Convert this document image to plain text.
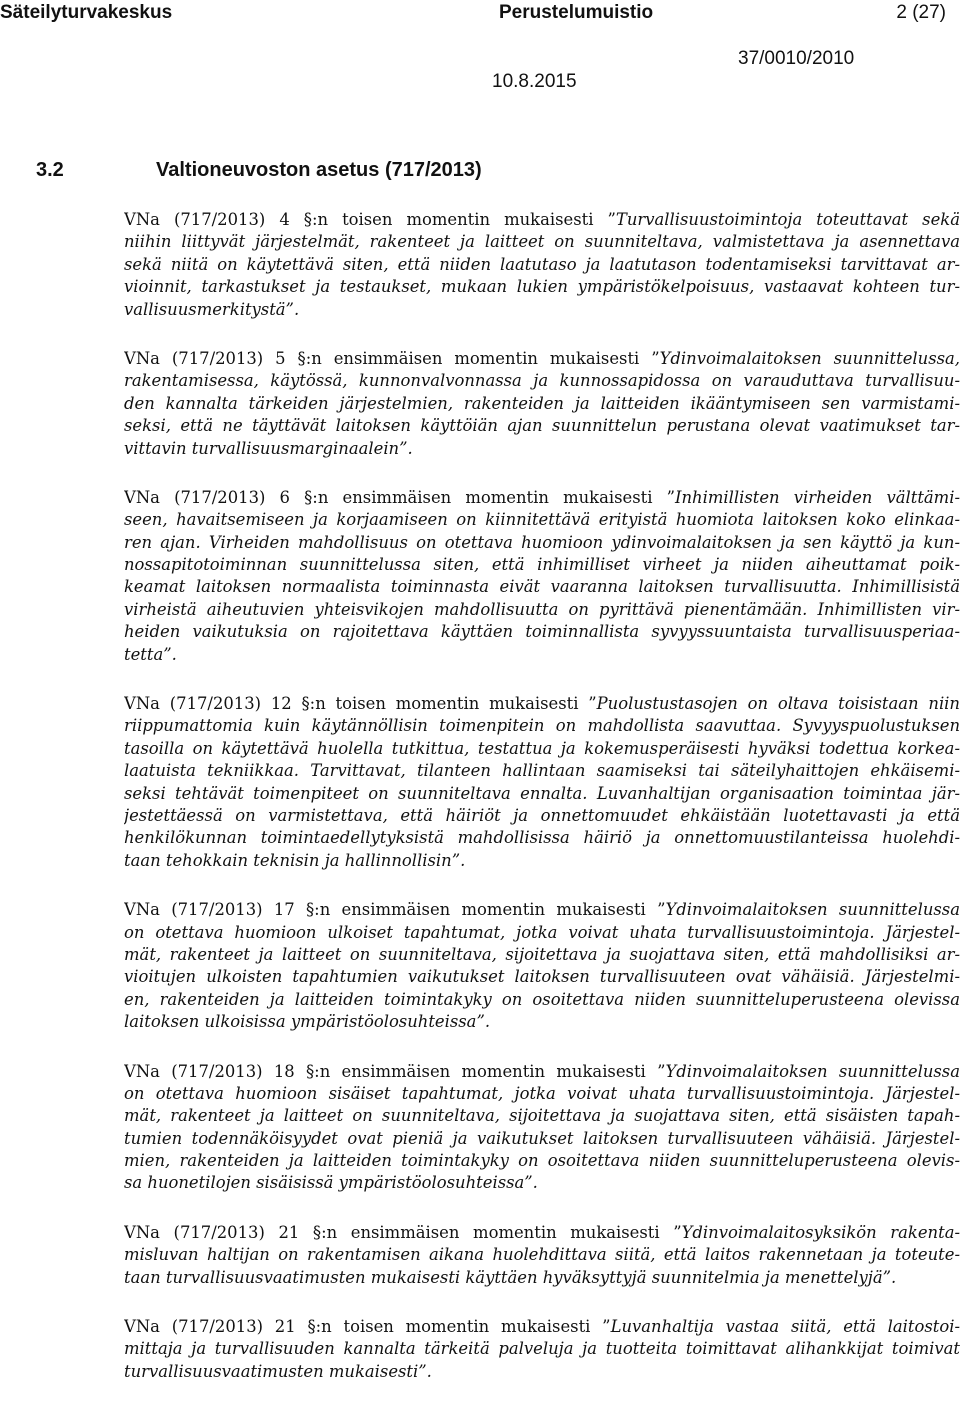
Säteilyturvakeskus	Perustelumuistio	2 (27)
37/0010/2010
10.8.2015
3.2	Valtioneuvoston asetus (717/2013)
VNa (717/2013) 4 §:n toisen momentin mukaisesti ”Turvallisuustoimintoja toteuttavat sekä
niihin liittyvät järjestelmät, rakenteet ja laitteet on suunniteltava, valmistettava ja asennettava
sekä niitä on käytettävä siten, että niiden laatutaso ja laatutason todentamiseksi tarvittavat ar-
vioinnit, tarkastukset ja testaukset, mukaan lukien ympäristökelpoisuus, vastaavat kohteen tur-
vallisuusmerkitystä”.
VNa (717/2013) 5 §:n ensimmäisen momentin mukaisesti ”Ydinvoimalaitoksen suunnittelussa,
rakentamisessa, käytössä, kunnonvalvonnassa ja kunnossapidossa on varauduttava turvallisuu-
den kannalta tärkeiden järjestelmien, rakenteiden ja laitteiden ikääntymiseen sen varmistami-
seksi, että ne täyttävät laitoksen käyttöiän ajan suunnittelun perustana olevat vaatimukset tar-
vittavin turvallisuusmarginaalein”.
VNa (717/2013) 6 §:n ensimmäisen momentin mukaisesti ”Inhimillisten virheiden välttämi-
seen, havaitsemiseen ja korjaamiseen on kiinnitettävä erityistä huomiota laitoksen koko elinkaa-
ren ajan. Virheiden mahdollisuus on otettava huomioon ydinvoimalaitoksen ja sen käyttö ja kun-
nossapitotoiminnan suunnittelussa siten, että inhimilliset virheet ja niiden aiheuttamat poik-
keamat laitoksen normaalista toiminnasta eivät vaaranna laitoksen turvallisuutta. Inhimillisistä
virheistä aiheutuvien yhteisvikojen mahdollisuutta on pyrittävä pienentämään. Inhimillisten vir-
heiden vaikutuksia on rajoitettava käyttäen toiminnallista syvyyssuuntaista turvallisuusperiaa-
tetta”.
VNa (717/2013) 12 §:n toisen momentin mukaisesti ”Puolustustasojen on oltava toisistaan niin
riippumattomia kuin käytännöllisin toimenpitein on mahdollista saavuttaa. Syvyyspuolustuksen
tasoilla on käytettävä huolella tutkittua, testattua ja kokemusperäisesti hyväksi todettua korkea-
laatuista tekniikkaa. Tarvittavat, tilanteen hallintaan saamiseksi tai säteilyhaittojen ehkäisemi-
seksi tehtävät toimenpiteet on suunniteltava ennalta. Luvanhaltijan organisaation toimintaa jär-
jestettäessä on varmistettava, että häiriöt ja onnettomuudet ehkäistään luotettavasti ja että
henkilökunnan toimintaedellytyksistä mahdollisissa häiriö ja onnettomuustilanteissa huolehdi-
taan tehokkain teknisin ja hallinnollisin”.
VNa (717/2013) 17 §:n ensimmäisen momentin mukaisesti ”Ydinvoimalaitoksen suunnittelussa
on otettava huomioon ulkoiset tapahtumat, jotka voivat uhata turvallisuustoimintoja. Järjestel-
mät, rakenteet ja laitteet on suunniteltava, sijoitettava ja suojattava siten, että mahdollisiksi ar-
vioitujen ulkoisten tapahtumien vaikutukset laitoksen turvallisuuteen ovat vähäisiä. Järjestelmi-
en, rakenteiden ja laitteiden toimintakyky on osoitettava niiden suunnitteluperusteena olevissa
laitoksen ulkoisissa ympäristöolosuhteissa”.
VNa (717/2013) 18 §:n ensimmäisen momentin mukaisesti ”Ydinvoimalaitoksen suunnittelussa
on otettava huomioon sisäiset tapahtumat, jotka voivat uhata turvallisuustoimintoja. Järjestel-
mät, rakenteet ja laitteet on suunniteltava, sijoitettava ja suojattava siten, että sisäisten tapah-
tumien todennäköisyydet ovat pieniä ja vaikutukset laitoksen turvallisuuteen vähäisiä. Järjestel-
mien, rakenteiden ja laitteiden toimintakyky on osoitettava niiden suunnitteluperusteena olevis-
sa huonetilojen sisäisissä ympäristöolosuhteissa”.
VNa (717/2013) 21 §:n ensimmäisen momentin mukaisesti ”Ydinvoimalaitosyksikön rakenta-
misluvan haltijan on rakentamisen aikana huolehdittava siitä, että laitos rakennetaan ja toteute-
taan turvallisuusvaatimusten mukaisesti käyttäen hyväksyttyjä suunnitelmia ja menettelyjä”.
VNa (717/2013) 21 §:n toisen momentin mukaisesti ”Luvanhaltija vastaa siitä, että laitostoi-
mittaja ja turvallisuuden kannalta tärkeitä palveluja ja tuotteita toimittavat alihankkijat toimivat
turvallisuusvaatimusten mukaisesti”.
